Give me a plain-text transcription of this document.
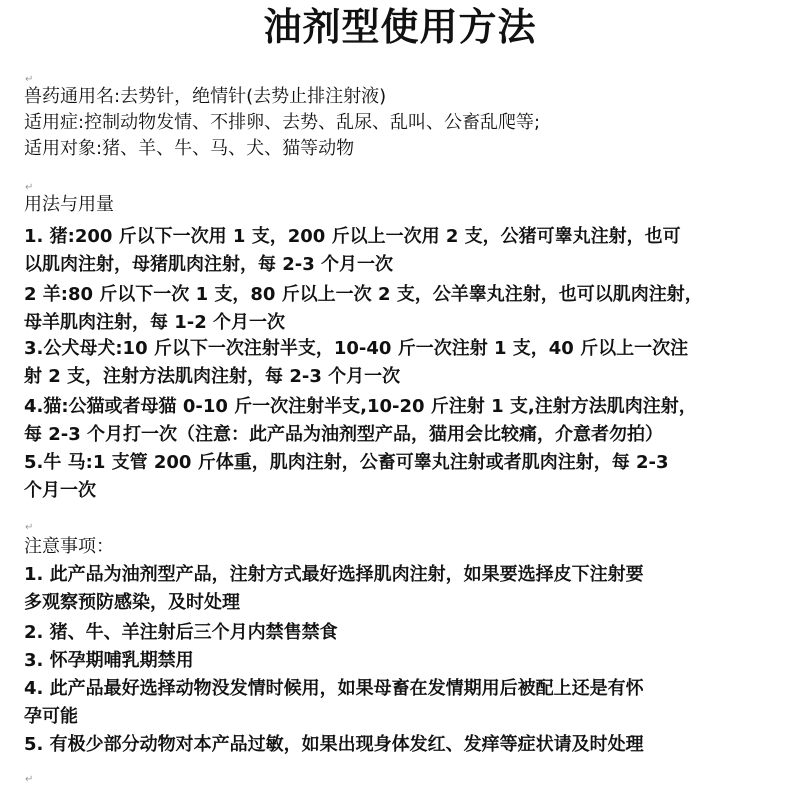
油剂型使用方法
↵
兽药通用名:去势针，绝情针(去势止排注射液)
适用症:控制动物发情、不排卵、去势、乱尿、乱叫、公畜乱爬等;
适用对象:猪、羊、牛、马、犬、猫等动物
↵
用法与用量
1. 猪:200 斤以下一次用 1 支，200 斤以上一次用 2 支，公猪可睾丸注射，也可
以肌肉注射，母猪肌肉注射，每 2-3 个月一次
2 羊:80 斤以下一次 1 支，80 斤以上一次 2 支，公羊睾丸注射，也可以肌肉注射，
母羊肌肉注射，每 1-2 个月一次
3.公犬母犬:10 斤以下一次注射半支，10-40 斤一次注射 1 支，40 斤以上一次注
射 2 支，注射方法肌肉注射，每 2-3 个月一次
4.猫:公猫或者母猫 0-10 斤一次注射半支,10-20 斤注射 1 支,注射方法肌肉注射，
每 2-3 个月打一次（注意：此产品为油剂型产品，猫用会比较痛，介意者勿拍）
5.牛 马:1 支管 200 斤体重，肌肉注射，公畜可睾丸注射或者肌肉注射，每 2-3
个月一次
↵
注意事项：
1. 此产品为油剂型产品，注射方式最好选择肌肉注射，如果要选择皮下注射要
多观察预防感染，及时处理
2. 猪、牛、羊注射后三个月内禁售禁食
3. 怀孕期哺乳期禁用
4. 此产品最好选择动物没发情时候用，如果母畜在发情期用后被配上还是有怀
孕可能
5. 有极少部分动物对本产品过敏，如果出现身体发红、发痒等症状请及时处理
↵
